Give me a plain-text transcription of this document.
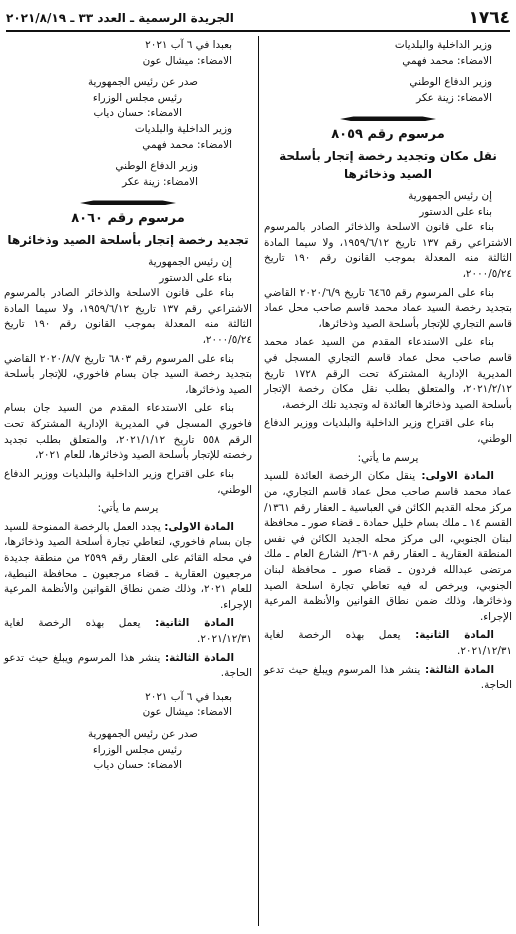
١٧٦٤
الجريدة الرسمية ـ العدد ٣٣ ـ ٢٠٢١/٨/١٩

وزير الداخلية والبلديات

الامضاء: محمد فهمي

وزير الدفاع الوطني

الامضاء: زينة عكر

مرسوم رقم ٨٠٥٩

نقل مكان وتجديد رخصة إتجار بأسلحة الصيد وذخائرها

إن رئيس الجمهورية

بناء على الدستور

بناء على قانون الاسلحة والذخائر الصادر بالمرسوم الاشتراعي رقم ١٣٧ تاريخ ١٩٥٩/٦/١٢، ولا سيما المادة الثالثة منه المعدلة بموجب القانون رقم ١٩٠ تاريخ ٢٠٠٠/٥/٢٤،

بناء على المرسوم رقم ٦٤٦٥ تاريخ ٢٠٢٠/٦/٩ القاضي بتجديد رخصة السيد عماد محمد قاسم صاحب محل عماد قاسم التجاري للإتجار بأسلحة الصيد وذخائرها،

بناء على الاستدعاء المقدم من السيد عماد محمد قاسم صاحب محل عماد قاسم التجاري المسجل في المديرية الإدارية المشتركة تحت الرقم ١٧٢٨ تاريخ ٢٠٢١/٢/١٢، والمتعلق بطلب نقل مكان رخصة الإتجار بأسلحة الصيد وذخائرها العائدة له وتجديد تلك الرخصة،

بناء على اقتراح وزير الداخلية والبلديات ووزير الدفاع الوطني،

يرسم ما يأتي:

المادة الاولى: ينقل مكان الرخصة العائدة للسيد عماد محمد قاسم صاحب محل عماد قاسم التجاري، من مركز محله القديم الكائن في العباسية ـ العقار رقم ١٣٦١/ القسم ١٤ ـ ملك بسام خليل حمادة ـ قضاء صور ـ محافظة لبنان الجنوبي، الى مركز محله الجديد الكائن في نفس المنطقة العقارية ـ العقار رقم ٣٦٠٨/ الشارع العام ـ ملك مرتضى عبدالله فردون ـ قضاء صور ـ محافظة لبنان الجنوبي، ويرخص له فيه تعاطي تجارة اسلحة الصيد وذخائرها، وذلك ضمن نطاق القوانين والأنظمة المرعية الإجراء.

المادة الثانية: يعمل بهذه الرخصة لغاية ٢٠٢١/١٢/٣١.

المادة الثالثة: ينشر هذا المرسوم ويبلغ حيث تدعو الحاجة.

بعبدا في ٦ آب ٢٠٢١

الامضاء: ميشال عون

صدر عن رئيس الجمهورية

رئيس مجلس الوزراء

الامضاء: حسان دياب

وزير الداخلية والبلديات

الامضاء: محمد فهمي

وزير الدفاع الوطني

الامضاء: زينة عكر

مرسوم رقم ٨٠٦٠

تجديد رخصة إتجار بأسلحة الصيد وذخائرها

إن رئيس الجمهورية

بناء على الدستور

بناء على قانون الاسلحة والذخائر الصادر بالمرسوم الاشتراعي رقم ١٣٧ تاريخ ١٩٥٩/٦/١٢، ولا سيما المادة الثالثة منه المعدلة بموجب القانون رقم ١٩٠ تاريخ ٢٠٠٠/٥/٢٤،

بناء على المرسوم رقم ٦٨٠٣ تاريخ ٢٠٢٠/٨/٧ القاضي بتجديد رخصة السيد جان بسام فاخوري، للإتجار بأسلحة الصيد وذخائرها،

بناء على الاستدعاء المقدم من السيد جان بسام فاخوري المسجل في المديرية الإدارية المشتركة تحت الرقم ٥٥٨ تاريخ ٢٠٢١/١/١٢، والمتعلق بطلب تجديد رخصته للإتجار بأسلحة الصيد وذخائرها، للعام ٢٠٢١،

بناء على اقتراح وزير الداخلية والبلديات ووزير الدفاع الوطني،

يرسم ما يأتي:

المادة الاولى: يجدد العمل بالرخصة الممنوحة للسيد جان بسام فاخوري، لتعاطي تجارة أسلحة الصيد وذخائرها، في محله القائم على العقار رقم ٢٥٩٩ من منطقة جديدة مرجعيون العقارية ـ قضاء مرجعيون ـ محافظة النبطية، للعام ٢٠٢١، وذلك ضمن نطاق القوانين والأنظمة المرعية الإجراء.

المادة الثانية: يعمل بهذه الرخصة لغاية ٢٠٢١/١٢/٣١.

المادة الثالثة: ينشر هذا المرسوم ويبلغ حيث تدعو الحاجة.

بعبدا في ٦ آب ٢٠٢١

الامضاء: ميشال عون

صدر عن رئيس الجمهورية

رئيس مجلس الوزراء

الامضاء: حسان دياب
